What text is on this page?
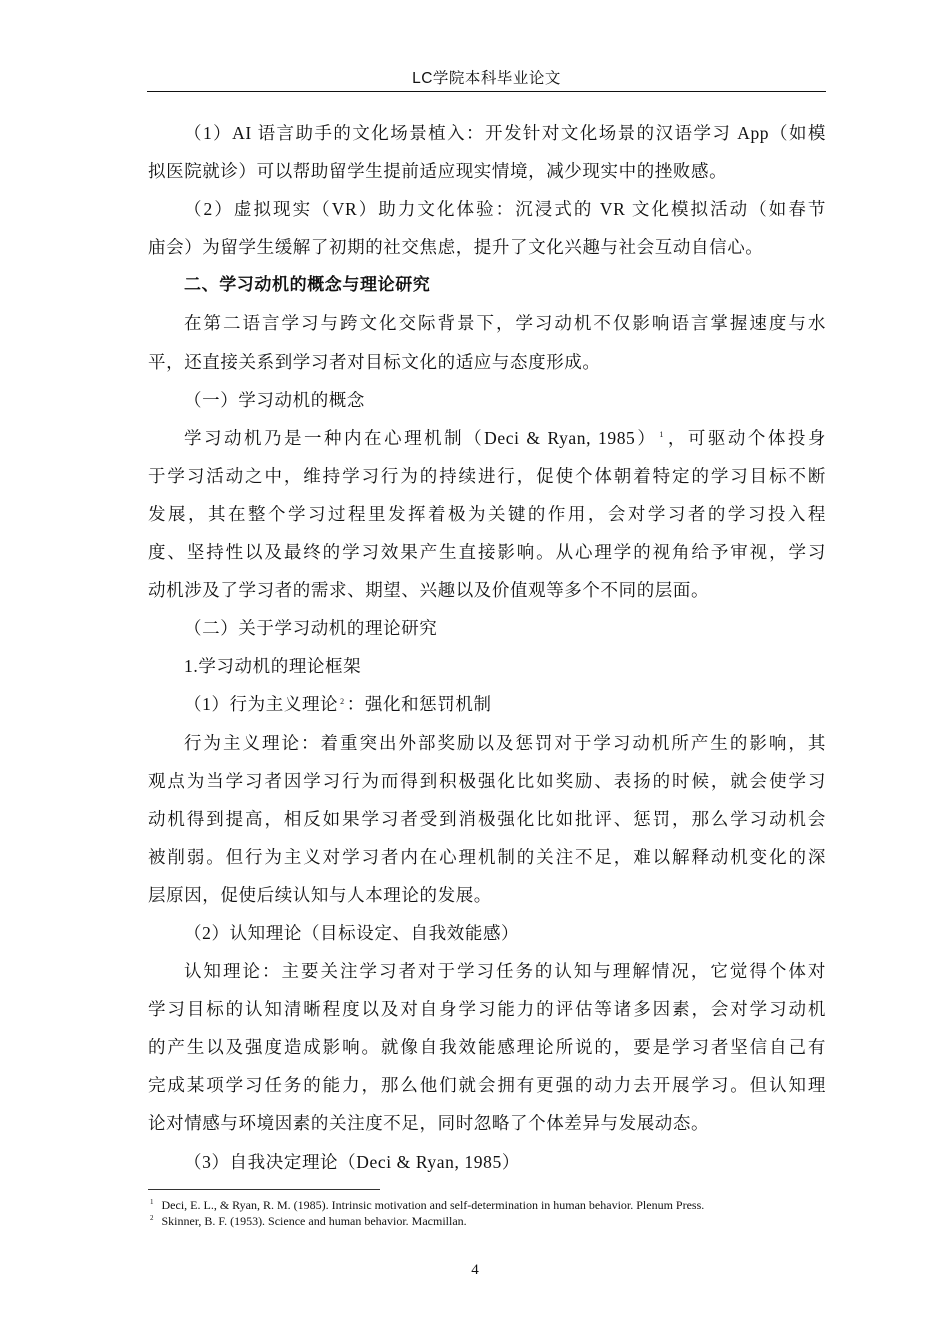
LC学院本科毕业论文
（1）AI 语言助手的文化场景植入：开发针对文化场景的汉语学习 App（如模
拟医院就诊）可以帮助留学生提前适应现实情境，减少现实中的挫败感。
（2）虚拟现实（VR）助力文化体验：沉浸式的 VR 文化模拟活动（如春节
庙会）为留学生缓解了初期的社交焦虑，提升了文化兴趣与社会互动自信心。
二、学习动机的概念与理论研究
在第二语言学习与跨文化交际背景下，学习动机不仅影响语言掌握速度与水
平，还直接关系到学习者对目标文化的适应与态度形成。
（一）学习动机的概念
学习动机乃是一种内在心理机制（Deci & Ryan, 1985） $^1$ ，可驱动个体投身
于学习活动之中，维持学习行为的持续进行，促使个体朝着特定的学习目标不断
发展，其在整个学习过程里发挥着极为关键的作用，会对学习者的学习投入程
度、坚持性以及最终的学习效果产生直接影响。从心理学的视角给予审视，学习
动机涉及了学习者的需求、期望、兴趣以及价值观等多个不同的层面。
（二）关于学习动机的理论研究
1.学习动机的理论框架
（1）行为主义理论 $^2$ ：强化和惩罚机制
行为主义理论：着重突出外部奖励以及惩罚对于学习动机所产生的影响，其
观点为当学习者因学习行为而得到积极强化比如奖励、表扬的时候，就会使学习
动机得到提高，相反如果学习者受到消极强化比如批评、惩罚，那么学习动机会
被削弱。但行为主义对学习者内在心理机制的关注不足，难以解释动机变化的深
层原因，促使后续认知与人本理论的发展。
（2）认知理论（目标设定、自我效能感）
认知理论：主要关注学习者对于学习任务的认知与理解情况，它觉得个体对
学习目标的认知清晰程度以及对自身学习能力的评估等诸多因素，会对学习动机
的产生以及强度造成影响。就像自我效能感理论所说的，要是学习者坚信自己有
完成某项学习任务的能力，那么他们就会拥有更强的动力去开展学习。但认知理
论对情感与环境因素的关注度不足，同时忽略了个体差异与发展动态。
（3）自我决定理论（Deci & Ryan, 1985）
$^1$ Deci, E. L., & Ryan, R. M. (1985). Intrinsic motivation and self-determination in human behavior. Plenum Press.
$^2$ Skinner, B. F. (1953). Science and human behavior. Macmillan.
4
